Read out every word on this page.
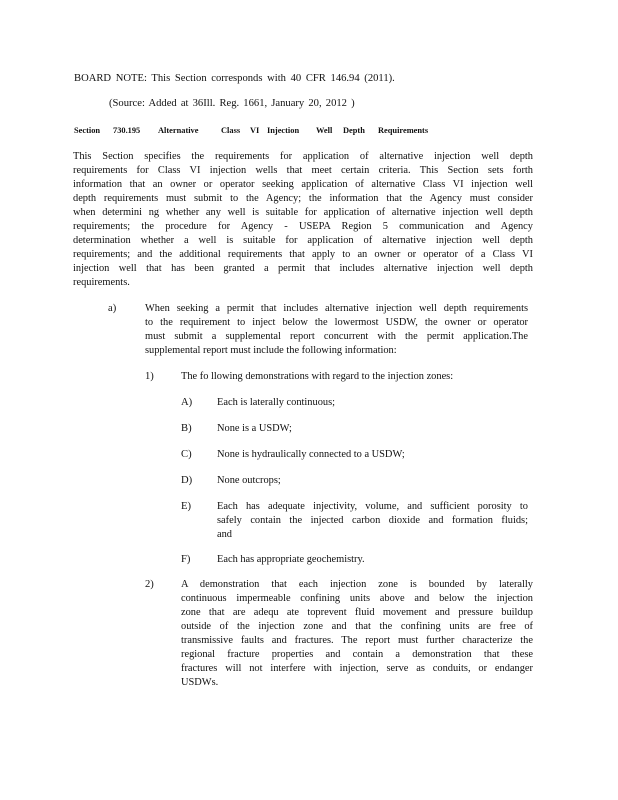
BOARD NOTE: This Section corresponds with 40 CFR 146.94 (2011).
(Source: Added at 36Ill. Reg. 1661, January 20, 2012 )
Section 730.195 Alternative	Class VI Injection Well Depth Requirements
This Section specifies the requirements for application of alternative injection well depth
requirements for Class VI injection wells that meet certain criteria. This Section sets forth
information that an owner or operator seeking application of alternative Class VI injection well
depth requirements must submit to the Agency; the information that the Agency must consider
when determini ng whether any well is suitable for application of alternative injection well depth
requirements; the procedure for Agency - USEPA Region 5 communication and Agency
determination whether a well is suitable for application of alternative injection well depth
requirements; and the additional requirements that apply to an owner or operator of a Class VI
injection well that has been granted a permit that includes alternative injection well depth
requirements.
a)	When seeking a permit that includes alternative injection well depth requirements
to the requirement to inject below the lowermost USDW, the owner or operator
must submit a supplemental report concurrent with the permit application.The
supplemental report must include the following information:
1)	The fo llowing demonstrations with regard to the injection zones:
A) Each is laterally continuous;
B) None is a USDW;
C) None is hydraulically connected to a USDW;
D) None outcrops;
E)	Each has adequate injectivity, volume, and sufficient porosity to
safely contain the injected carbon dioxide and formation fluids;
and
F)	Each has appropriate geochemistry.
2)	A demonstration that each injection zone is bounded by laterally
continuous impermeable confining units above and below the injection
zone that are adequ ate toprevent fluid movement and pressure buildup
outside of the injection zone and that the confining units are free of
transmissive faults and fractures. The report must further characterize the
regional fracture properties and contain a demonstration that these
fractures will not interfere with injection, serve as conduits, or endanger
USDWs.
